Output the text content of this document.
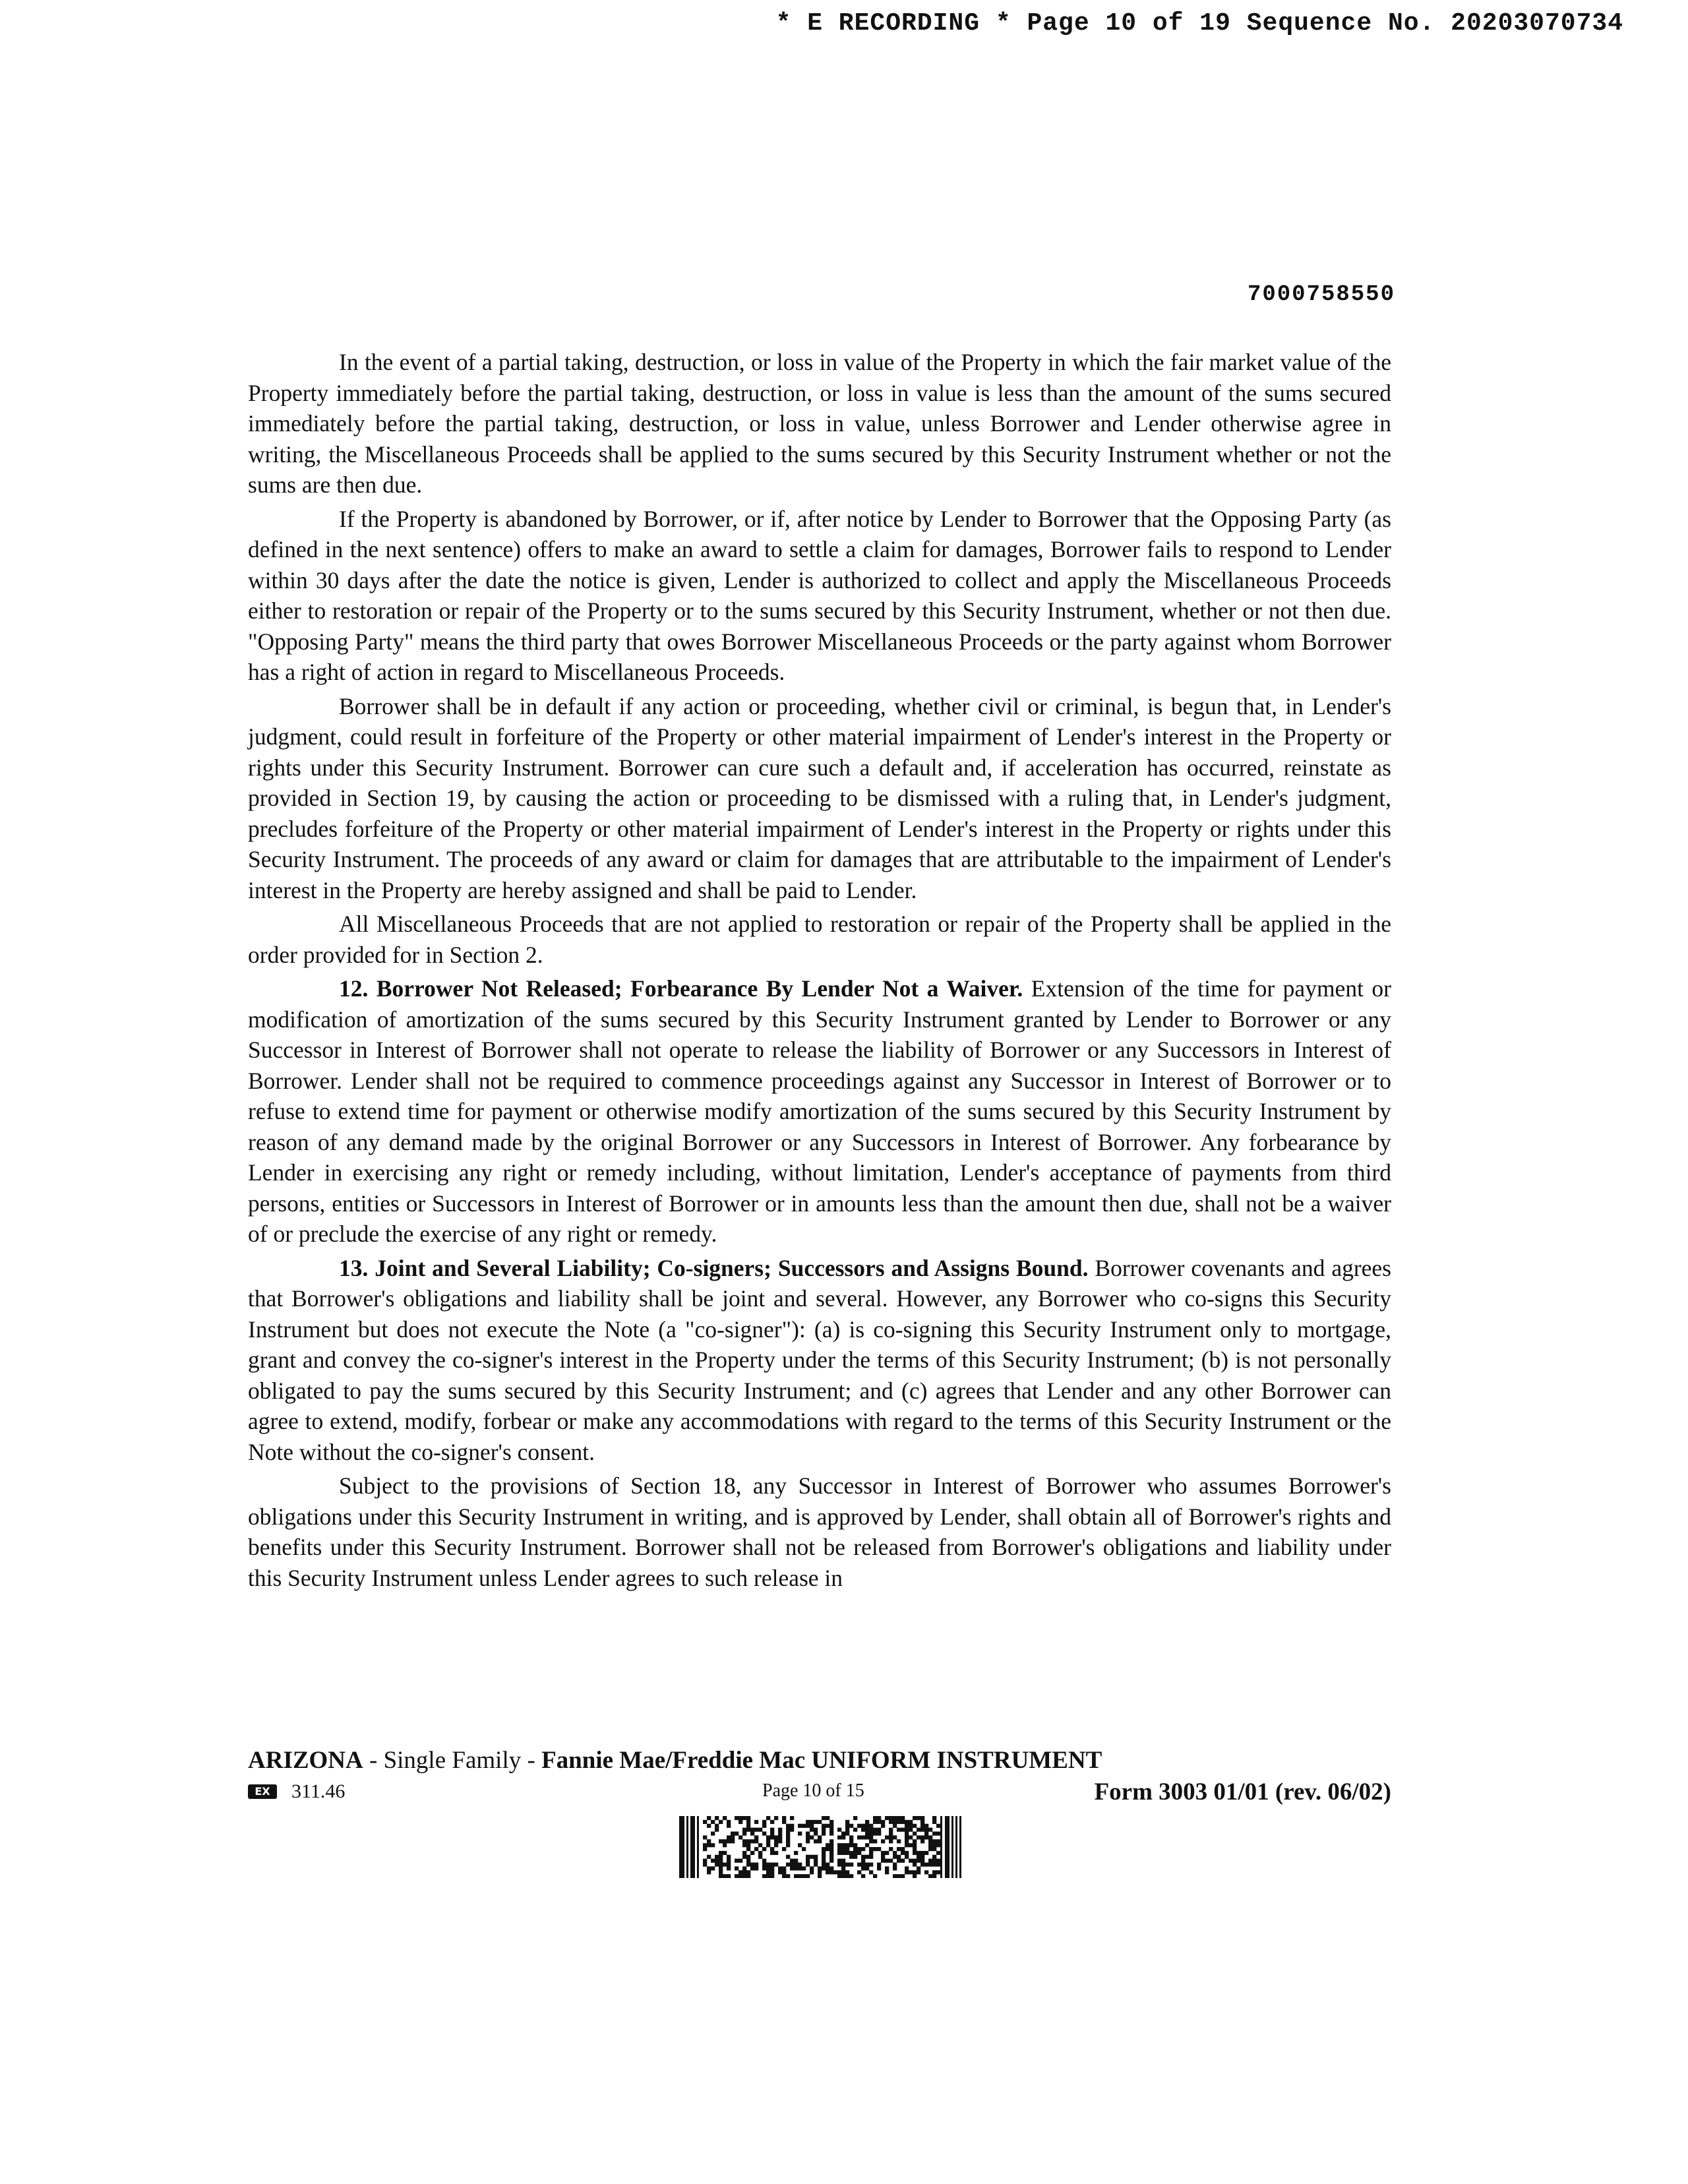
* E RECORDING * Page 10 of 19 Sequence No. 20203070734
7000758550

In the event of a partial taking, destruction, or loss in value of the Property in which the fair market value of the Property immediately before the partial taking, destruction, or loss in value is less than the amount of the sums secured immediately before the partial taking, destruction, or loss in value, unless Borrower and Lender otherwise agree in writing, the Miscellaneous Proceeds shall be applied to the sums secured by this Security Instrument whether or not the sums are then due.

If the Property is abandoned by Borrower, or if, after notice by Lender to Borrower that the Opposing Party (as defined in the next sentence) offers to make an award to settle a claim for damages, Borrower fails to respond to Lender within 30 days after the date the notice is given, Lender is authorized to collect and apply the Miscellaneous Proceeds either to restoration or repair of the Property or to the sums secured by this Security Instrument, whether or not then due. "Opposing Party" means the third party that owes Borrower Miscellaneous Proceeds or the party against whom Borrower has a right of action in regard to Miscellaneous Proceeds.

Borrower shall be in default if any action or proceeding, whether civil or criminal, is begun that, in Lender's judgment, could result in forfeiture of the Property or other material impairment of Lender's interest in the Property or rights under this Security Instrument. Borrower can cure such a default and, if acceleration has occurred, reinstate as provided in Section 19, by causing the action or proceeding to be dismissed with a ruling that, in Lender's judgment, precludes forfeiture of the Property or other material impairment of Lender's interest in the Property or rights under this Security Instrument. The proceeds of any award or claim for damages that are attributable to the impairment of Lender's interest in the Property are hereby assigned and shall be paid to Lender.

All Miscellaneous Proceeds that are not applied to restoration or repair of the Property shall be applied in the order provided for in Section 2.

12. Borrower Not Released; Forbearance By Lender Not a Waiver. Extension of the time for payment or modification of amortization of the sums secured by this Security Instrument granted by Lender to Borrower or any Successor in Interest of Borrower shall not operate to release the liability of Borrower or any Successors in Interest of Borrower. Lender shall not be required to commence proceedings against any Successor in Interest of Borrower or to refuse to extend time for payment or otherwise modify amortization of the sums secured by this Security Instrument by reason of any demand made by the original Borrower or any Successors in Interest of Borrower. Any forbearance by Lender in exercising any right or remedy including, without limitation, Lender's acceptance of payments from third persons, entities or Successors in Interest of Borrower or in amounts less than the amount then due, shall not be a waiver of or preclude the exercise of any right or remedy.

13. Joint and Several Liability; Co-signers; Successors and Assigns Bound. Borrower covenants and agrees that Borrower's obligations and liability shall be joint and several. However, any Borrower who co-signs this Security Instrument but does not execute the Note (a "co-signer"): (a) is co-signing this Security Instrument only to mortgage, grant and convey the co-signer's interest in the Property under the terms of this Security Instrument; (b) is not personally obligated to pay the sums secured by this Security Instrument; and (c) agrees that Lender and any other Borrower can agree to extend, modify, forbear or make any accommodations with regard to the terms of this Security Instrument or the Note without the co-signer's consent.

Subject to the provisions of Section 18, any Successor in Interest of Borrower who assumes Borrower's obligations under this Security Instrument in writing, and is approved by Lender, shall obtain all of Borrower's rights and benefits under this Security Instrument. Borrower shall not be released from Borrower's obligations and liability under this Security Instrument unless Lender agrees to such release in

ARIZONA - Single Family - Fannie Mae/Freddie Mac UNIFORM INSTRUMENT
EX	311.46	Page 10 of 15	Form 3003 01/01 (rev. 06/02)
